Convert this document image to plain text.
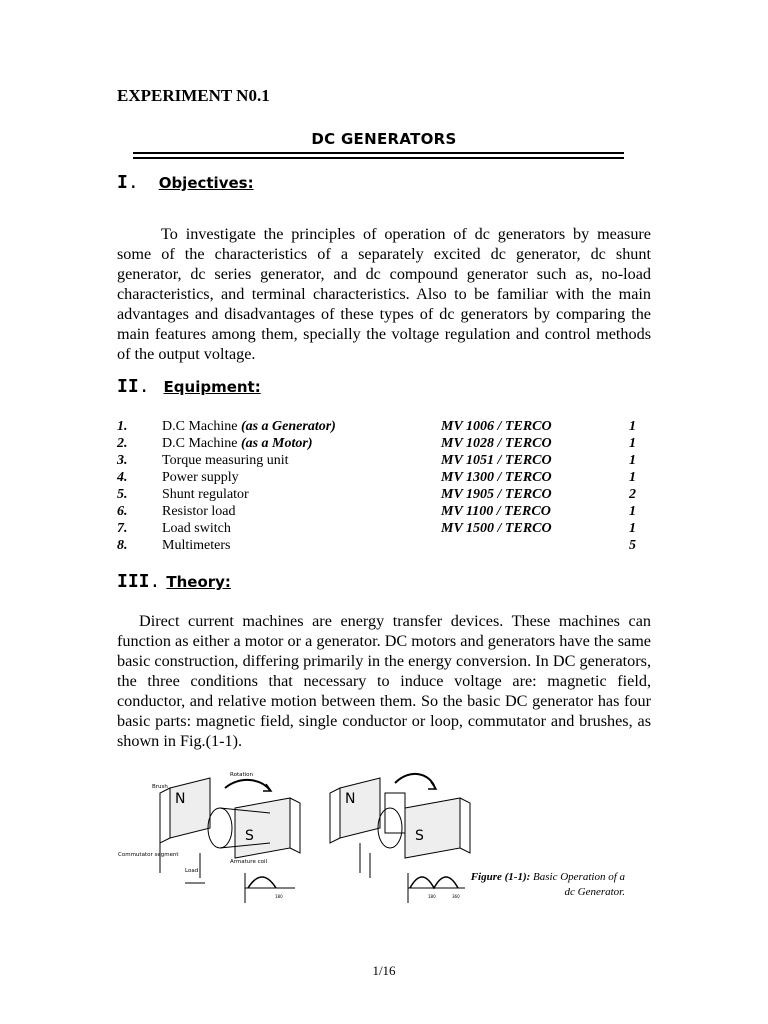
EXPERIMENT N0.1
DC GENERATORS
I. Objectives:
To investigate the principles of operation of dc generators by measure some of the characteristics of a separately excited dc generator, dc shunt generator, dc series generator, and dc compound generator such as, no-load characteristics, and terminal characteristics. Also to be familiar with the main advantages and disadvantages of these types of dc generators by comparing the main features among them, specially the voltage regulation and control methods of the output voltage.
II. Equipment:
1.	D.C Machine (as a Generator)	MV 1006 / TERCO	1
2.	D.C Machine (as a Motor)	MV 1028 / TERCO	1
3.	Torque measuring unit	MV 1051 / TERCO	1
4.	Power supply	MV 1300 / TERCO	1
5.	Shunt regulator	MV 1905 / TERCO	2
6.	Resistor load	MV 1100 / TERCO	1
7.	Load switch	MV 1500 / TERCO	1
8.	Multimeters		5
III. Theory:
Direct current machines are energy transfer devices. These machines can function as either a motor or a generator. DC motors and generators have the same basic construction, differing primarily in the energy conversion. In DC generators, the three conditions that necessary to induce voltage are: magnetic field, conductor, and relative motion between them. So the basic DC generator has four basic parts: magnetic field, single conductor or loop, commutator and brushes, as shown in Fig.(1-1).
N
S
Rotation
Brush
Commutator segment
Armature coil
Load
180
N
S
180	360
Figure (1-1): Basic Operation of a dc Generator.
1/16
